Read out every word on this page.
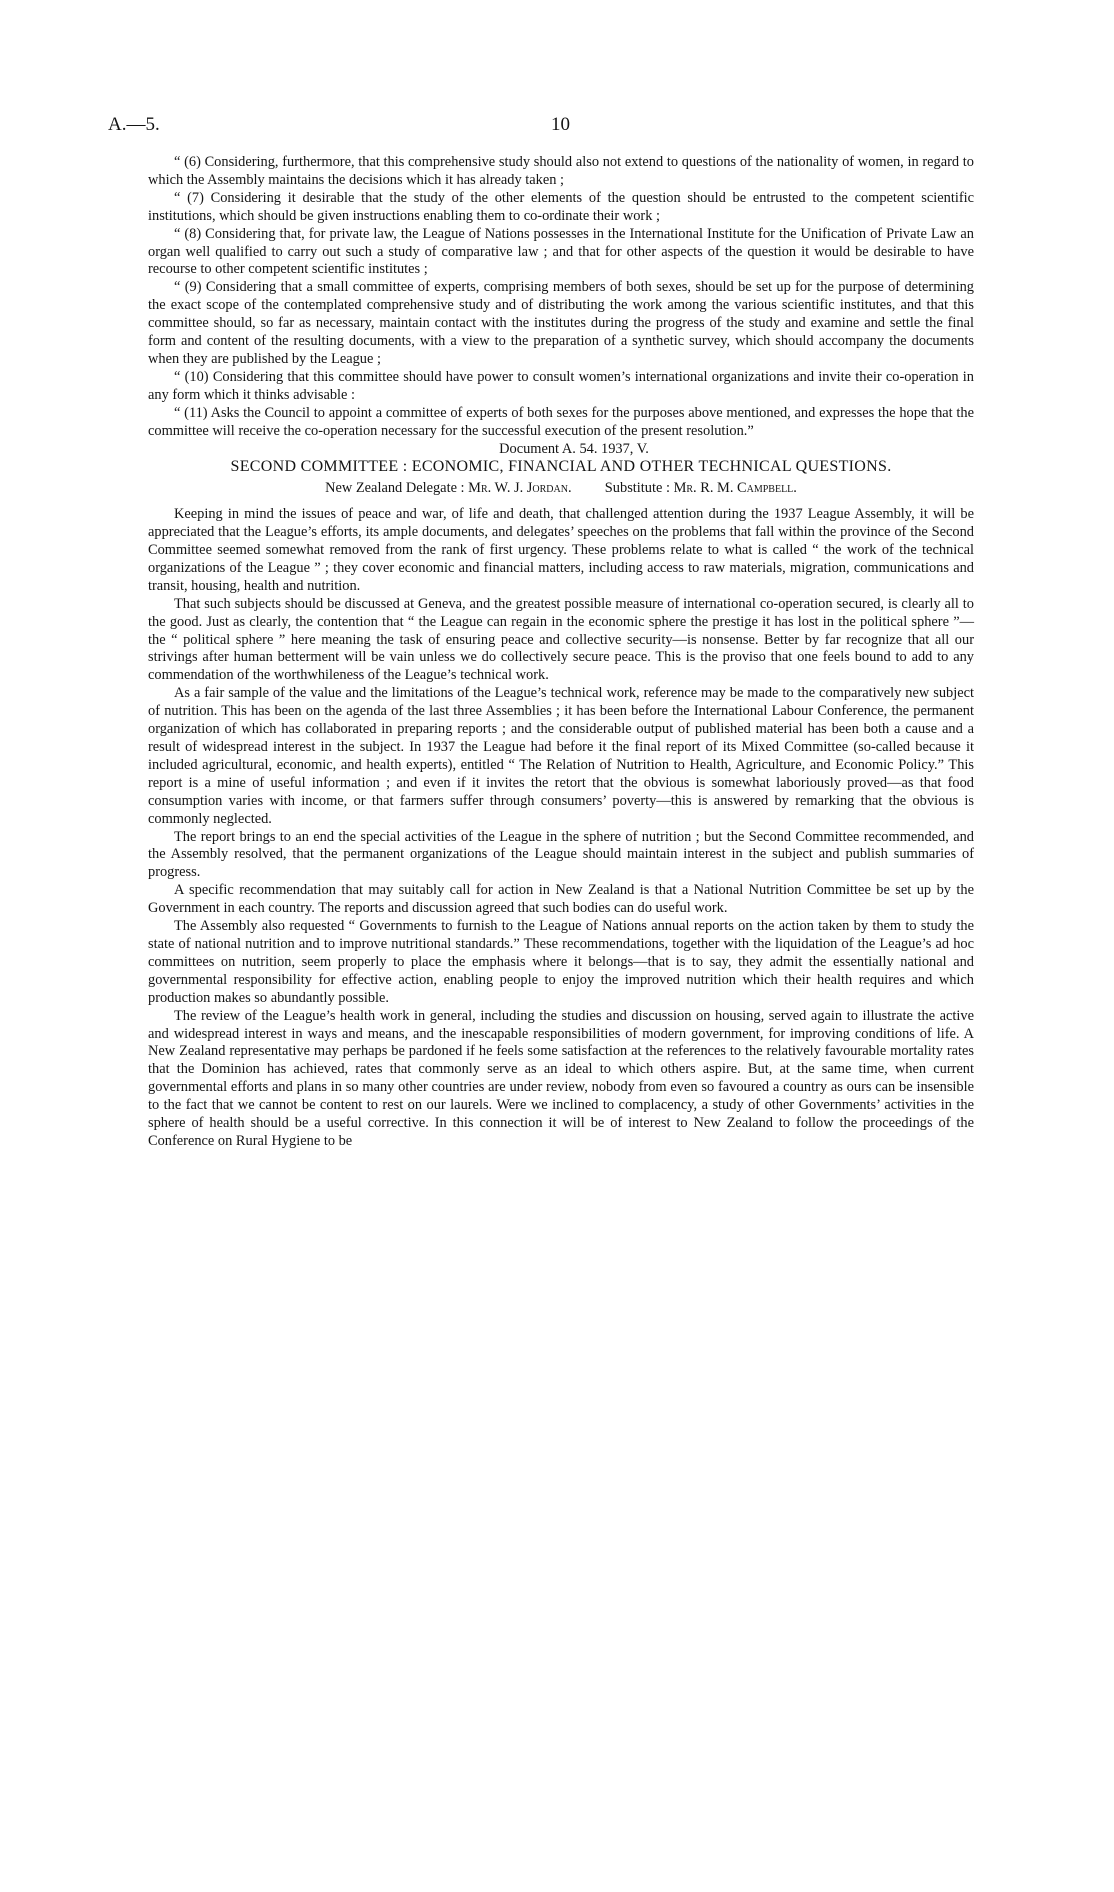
A.—5.	10

“ (6) Considering, furthermore, that this comprehensive study should also not extend to questions of the nationality of women, in regard to which the Assembly maintains the decisions which it has already taken ;

“ (7) Considering it desirable that the study of the other elements of the question should be entrusted to the competent scientific institutions, which should be given instructions enabling them to co-ordinate their work ;

“ (8) Considering that, for private law, the League of Nations possesses in the International Institute for the Unification of Private Law an organ well qualified to carry out such a study of comparative law ; and that for other aspects of the question it would be desirable to have recourse to other competent scientific institutes ;

“ (9) Considering that a small committee of experts, comprising members of both sexes, should be set up for the purpose of determining the exact scope of the contemplated comprehensive study and of distributing the work among the various scientific institutes, and that this committee should, so far as necessary, maintain contact with the institutes during the progress of the study and examine and settle the final form and content of the resulting documents, with a view to the preparation of a synthetic survey, which should accompany the documents when they are published by the League ;

“ (10) Considering that this committee should have power to consult women’s international organizations and invite their co-operation in any form which it thinks advisable :

“ (11) Asks the Council to appoint a committee of experts of both sexes for the purposes above mentioned, and expresses the hope that the committee will receive the co-operation necessary for the successful execution of the present resolution.”

Document A. 54. 1937, V.

SECOND COMMITTEE : ECONOMIC, FINANCIAL AND OTHER TECHNICAL QUESTIONS.
New Zealand Delegate : Mr. W. J. Jordan. Substitute : Mr. R. M. Campbell.

Keeping in mind the issues of peace and war, of life and death, that challenged attention during the 1937 League Assembly, it will be appreciated that the League’s efforts, its ample documents, and delegates’ speeches on the problems that fall within the province of the Second Committee seemed somewhat removed from the rank of first urgency. These problems relate to what is called “ the work of the technical organizations of the League ” ; they cover economic and financial matters, including access to raw materials, migration, communications and transit, housing, health and nutrition.

That such subjects should be discussed at Geneva, and the greatest possible measure of international co-operation secured, is clearly all to the good. Just as clearly, the contention that “ the League can regain in the economic sphere the prestige it has lost in the political sphere ”—the “ political sphere ” here meaning the task of ensuring peace and collective security—is nonsense. Better by far recognize that all our strivings after human betterment will be vain unless we do collectively secure peace. This is the proviso that one feels bound to add to any commendation of the worthwhileness of the League’s technical work.

As a fair sample of the value and the limitations of the League’s technical work, reference may be made to the comparatively new subject of nutrition. This has been on the agenda of the last three Assemblies ; it has been before the International Labour Conference, the permanent organization of which has collaborated in preparing reports ; and the considerable output of published material has been both a cause and a result of widespread interest in the subject. In 1937 the League had before it the final report of its Mixed Committee (so-called because it included agricultural, economic, and health experts), entitled “ The Relation of Nutrition to Health, Agriculture, and Economic Policy.” This report is a mine of useful information ; and even if it invites the retort that the obvious is somewhat laboriously proved—as that food consumption varies with income, or that farmers suffer through consumers’ poverty—this is answered by remarking that the obvious is commonly neglected.

The report brings to an end the special activities of the League in the sphere of nutrition ; but the Second Committee recommended, and the Assembly resolved, that the permanent organizations of the League should maintain interest in the subject and publish summaries of progress.

A specific recommendation that may suitably call for action in New Zealand is that a National Nutrition Committee be set up by the Government in each country. The reports and discussion agreed that such bodies can do useful work.

The Assembly also requested “ Governments to furnish to the League of Nations annual reports on the action taken by them to study the state of national nutrition and to improve nutritional standards.” These recommendations, together with the liquidation of the League’s ad hoc committees on nutrition, seem properly to place the emphasis where it belongs—that is to say, they admit the essentially national and governmental responsibility for effective action, enabling people to enjoy the improved nutrition which their health requires and which production makes so abundantly possible.

The review of the League’s health work in general, including the studies and discussion on housing, served again to illustrate the active and widespread interest in ways and means, and the inescapable responsibilities of modern government, for improving conditions of life. A New Zealand representative may perhaps be pardoned if he feels some satisfaction at the references to the relatively favourable mortality rates that the Dominion has achieved, rates that commonly serve as an ideal to which others aspire. But, at the same time, when current governmental efforts and plans in so many other countries are under review, nobody from even so favoured a country as ours can be insensible to the fact that we cannot be content to rest on our laurels. Were we inclined to complacency, a study of other Governments’ activities in the sphere of health should be a useful corrective. In this connection it will be of interest to New Zealand to follow the proceedings of the Conference on Rural Hygiene to be
